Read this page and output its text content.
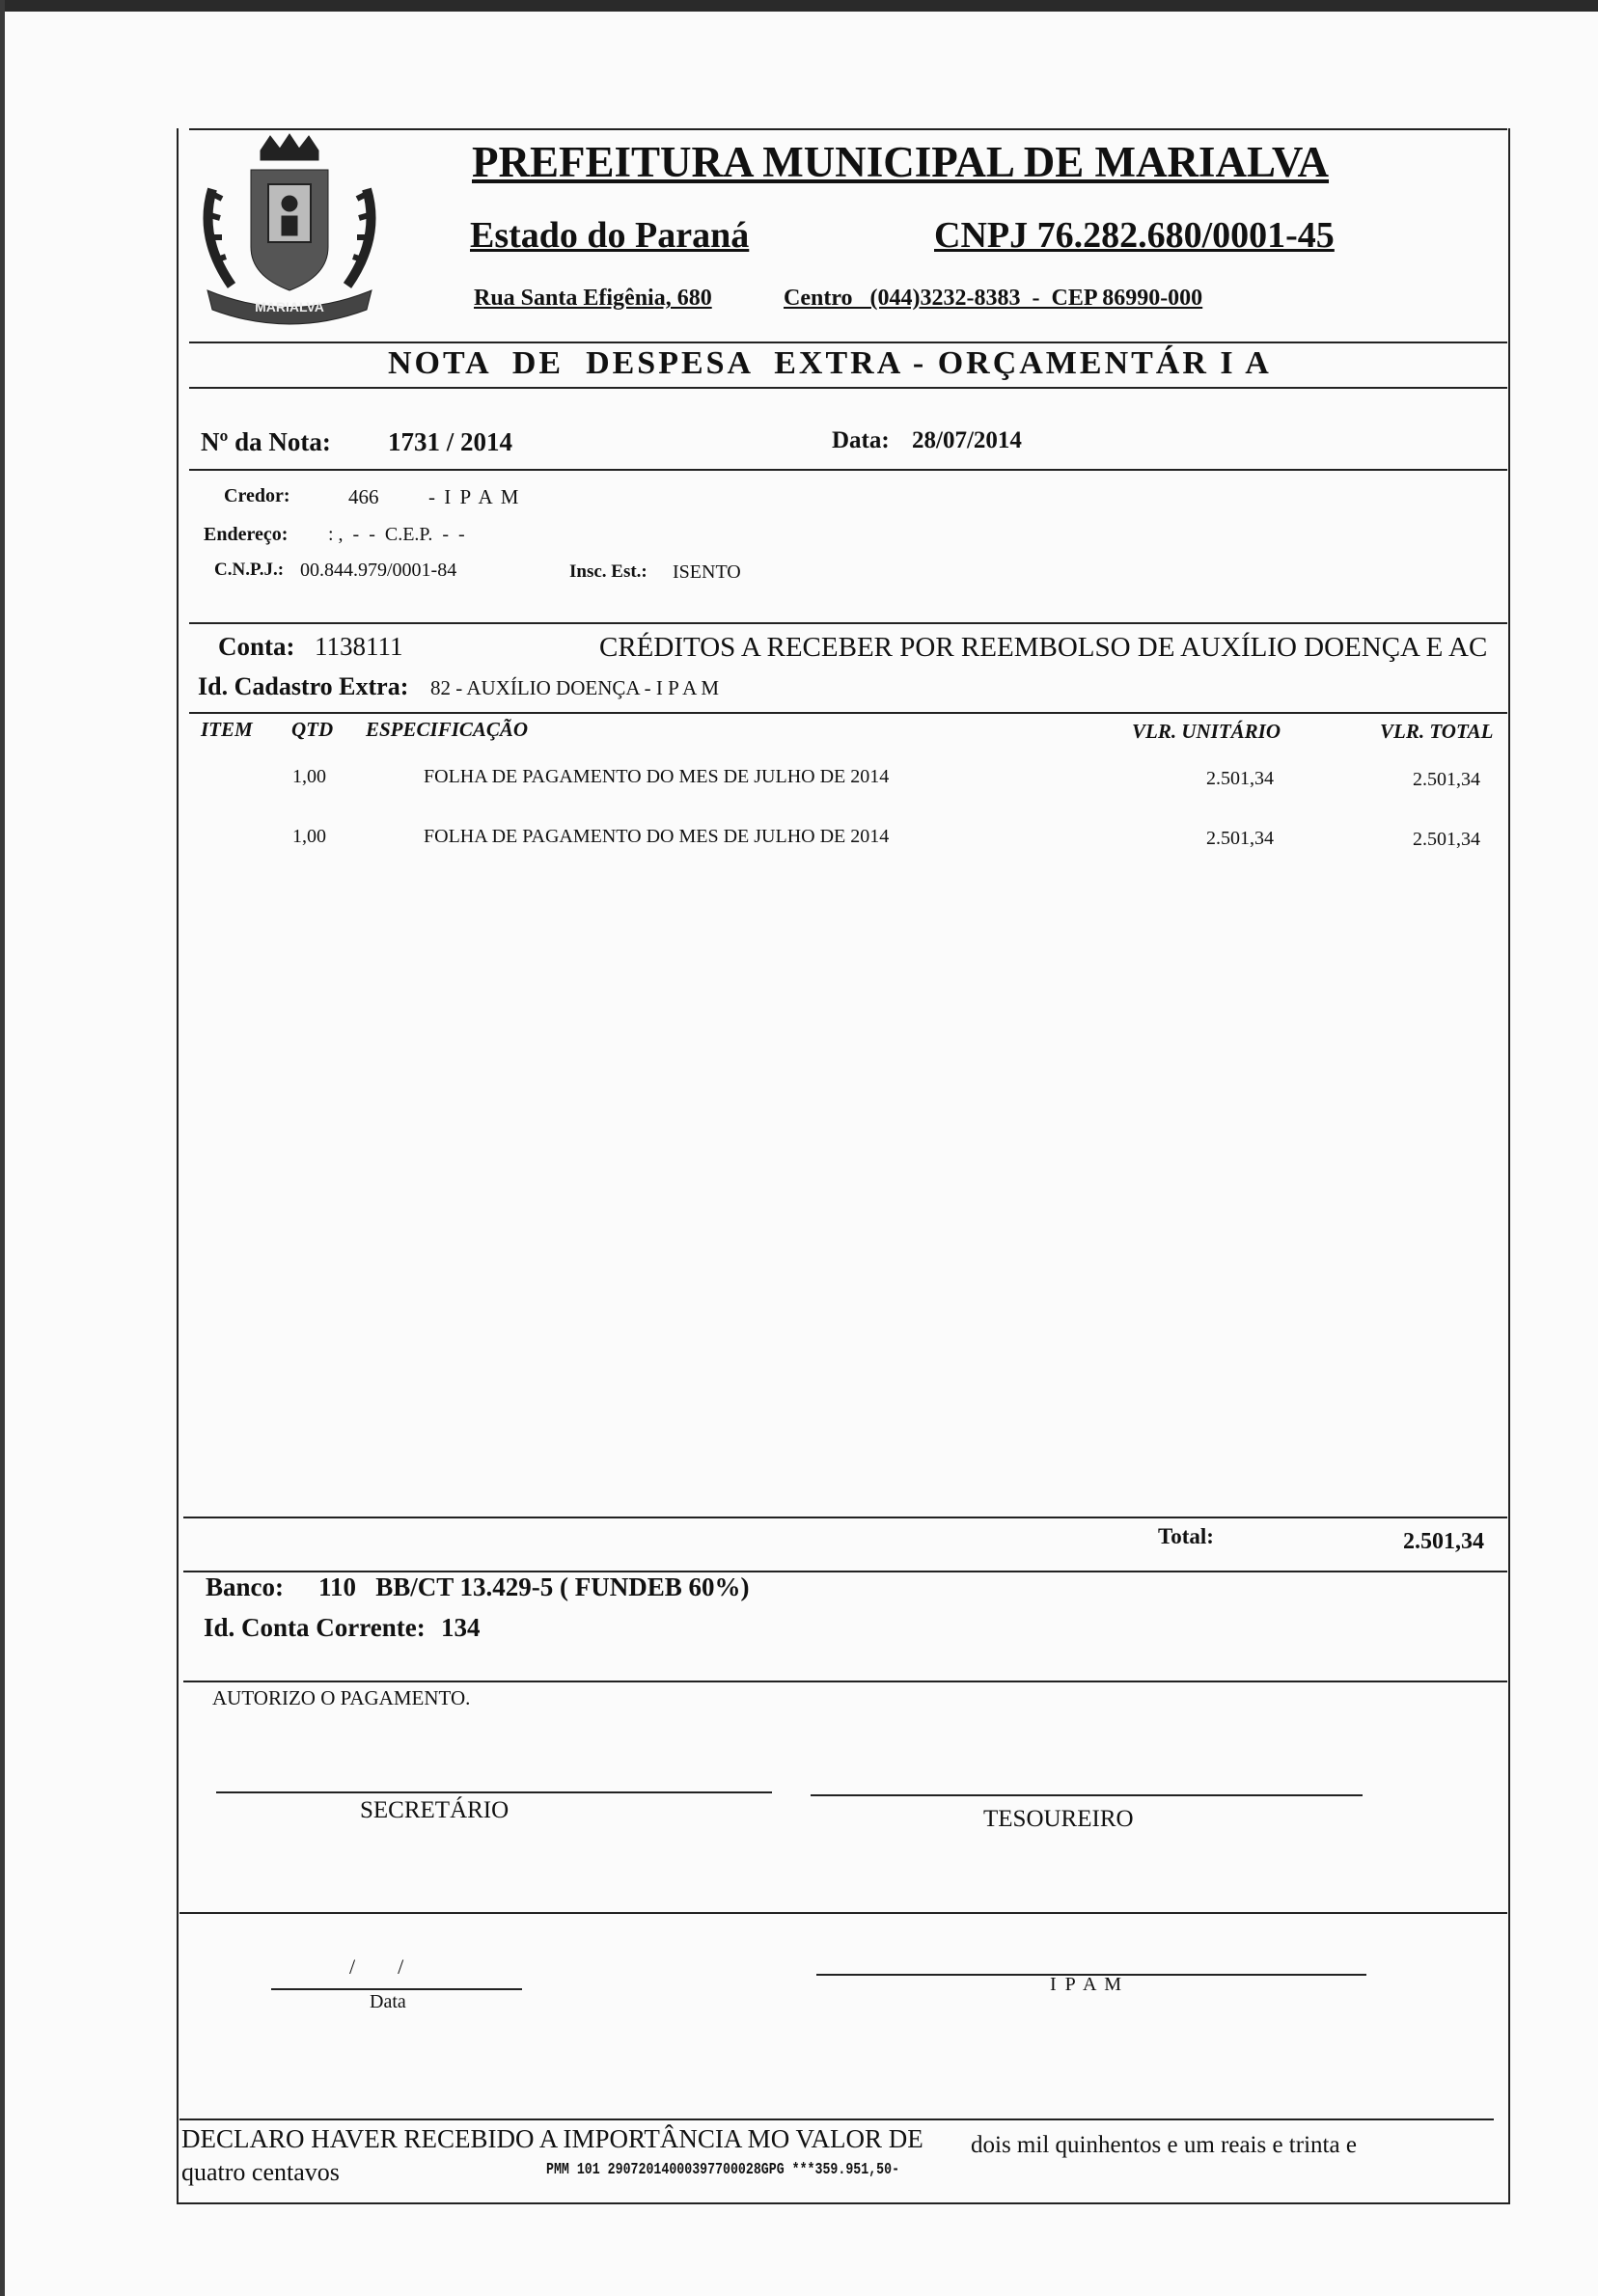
MARIALVA
PREFEITURA MUNICIPAL DE MARIALVA
Estado do Paraná	CNPJ 76.282.680/0001-45
Rua Santa Efigênia, 680	Centro   (044)3232-8383  -  CEP 86990-000
NOTA  DE  DESPESA  EXTRA - ORÇAMENTÁR I A
Nº da Nota: 1731 / 2014	Data: 28/07/2014
Credor:	466 - I P A M
Endereço: : ,  -  -  C.E.P.  -  -
C.N.P.J.: 00.844.979/0001-84	Insc. Est.: ISENTO
Conta: 1138111	CRÉDITOS A RECEBER POR REEMBOLSO DE AUXÍLIO DOENÇA E AC
Id. Cadastro Extra: 82 - AUXÍLIO DOENÇA - I P A M
ITEM QTD ESPECIFICAÇÃO	VLR. UNITÁRIO	VLR. TOTAL
1,00	FOLHA DE PAGAMENTO DO MES DE JULHO DE 2014	2.501,34	2.501,34
1,00	FOLHA DE PAGAMENTO DO MES DE JULHO DE 2014	2.501,34	2.501,34
Total:	2.501,34
Banco: 110   BB/CT 13.429-5 ( FUNDEB 60%)
Id. Conta Corrente: 134
AUTORIZO O PAGAMENTO.
SECRETÁRIO	TESOUREIRO
/        /
Data
I P A M
DECLARO HAVER RECEBIDO A IMPORTÂNCIA MO VALOR DE dois mil quinhentos e um reais e trinta e
quatro centavos	PMM 101 29072014000397700028GPG ***359.951,50-
